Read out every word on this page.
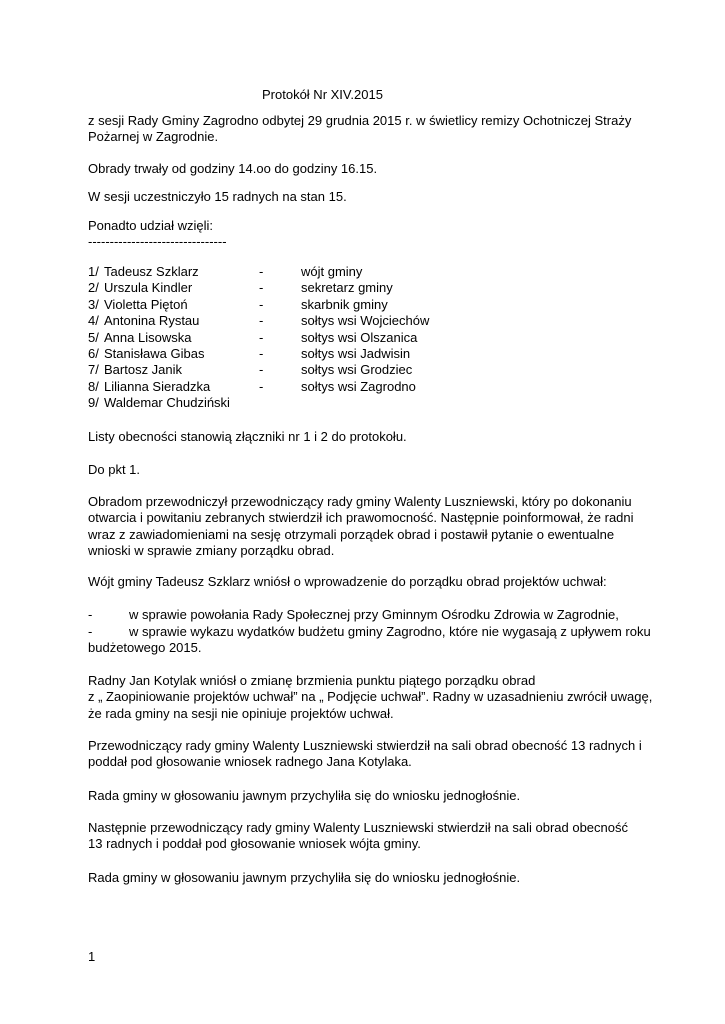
Protokół Nr XIV.2015
z sesji Rady Gminy Zagrodno odbytej 29 grudnia 2015 r. w świetlicy remizy Ochotniczej Straży
Pożarnej w Zagrodnie.
Obrady trwały od godziny 14.oo do godziny 16.15.
W sesji uczestniczyło 15 radnych na stan 15.
Ponadto udział wzięli:
--------------------------------
1/ Tadeusz Szklarz	-	wójt gminy
2/ Urszula Kindler	-	sekretarz gminy
3/ Violetta Piętoń	-	skarbnik gminy
4/ Antonina Rystau	-	sołtys wsi Wojciechów
5/ Anna Lisowska	-	sołtys wsi Olszanica
6/ Stanisława Gibas	-	sołtys wsi Jadwisin
7/ Bartosz Janik	-	sołtys wsi Grodziec
8/ Lilianna Sieradzka	-	sołtys wsi Zagrodno
9/ Waldemar Chudziński
Listy obecności stanowią złączniki nr 1 i 2 do protokołu.
Do pkt 1.
Obradom przewodniczył przewodniczący rady gminy Walenty Luszniewski, który po dokonaniu
otwarcia i powitaniu zebranych stwierdził ich prawomocność. Następnie poinformował, że radni
wraz z zawiadomieniami na sesję otrzymali porządek obrad i postawił pytanie o ewentualne
wnioski w sprawie zmiany porządku obrad.
Wójt gminy Tadeusz Szklarz wniósł o wprowadzenie do porządku obrad projektów uchwał:
-	w sprawie powołania Rady Społecznej przy Gminnym Ośrodku Zdrowia w Zagrodnie,
-	w sprawie wykazu wydatków budżetu gminy Zagrodno, które nie wygasają z upływem roku
budżetowego 2015.
Radny Jan Kotylak wniósł o zmianę brzmienia punktu piątego porządku obrad
z „ Zaopiniowanie projektów uchwał” na „ Podjęcie uchwał”. Radny w uzasadnieniu zwrócił uwagę,
że rada gminy na sesji nie opiniuje projektów uchwał.
Przewodniczący rady gminy Walenty Luszniewski stwierdził na sali obrad obecność 13 radnych i
poddał pod głosowanie wniosek radnego Jana Kotylaka.
Rada gminy w głosowaniu jawnym przychyliła się do wniosku jednogłośnie.
Następnie przewodniczący rady gminy Walenty Luszniewski stwierdził na sali obrad obecność
13 radnych i poddał pod głosowanie wniosek wójta gminy.
Rada gminy w głosowaniu jawnym przychyliła się do wniosku jednogłośnie.
1
